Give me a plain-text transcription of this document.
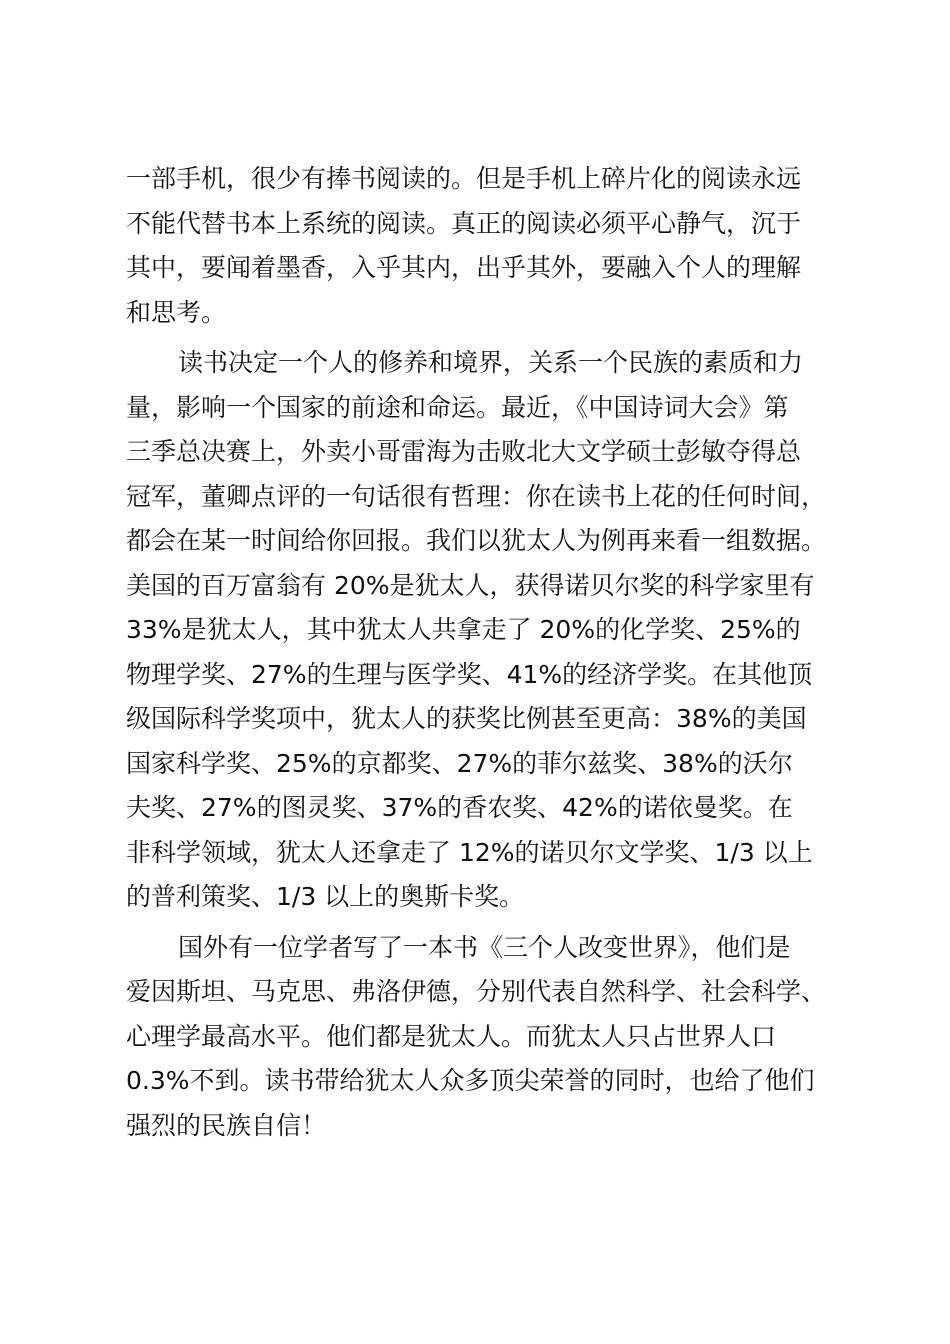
一部手机，很少有捧书阅读的。但是手机上碎片化的阅读永远
不能代替书本上系统的阅读。真正的阅读必须平心静气，沉于
其中，要闻着墨香，入乎其内，出乎其外，要融入个人的理解
和思考。

读书决定一个人的修养和境界，关系一个民族的素质和力
量，影响一个国家的前途和命运。最近，《中国诗词大会》第
三季总决赛上，外卖小哥雷海为击败北大文学硕士彭敏夺得总
冠军，董卿点评的一句话很有哲理：你在读书上花的任何时间，
都会在某一时间给你回报。我们以犹太人为例再来看一组数据。
美国的百万富翁有 20%是犹太人，获得诺贝尔奖的科学家里有
33%是犹太人，其中犹太人共拿走了 20%的化学奖、25%的
物理学奖、27%的生理与医学奖、41%的经济学奖。在其他顶
级国际科学奖项中，犹太人的获奖比例甚至更高：38%的美国
国家科学奖、25%的京都奖、27%的菲尔兹奖、38%的沃尔
夫奖、27%的图灵奖、37%的香农奖、42%的诺依曼奖。在
非科学领域，犹太人还拿走了 12%的诺贝尔文学奖、1/3 以上
的普利策奖、1/3 以上的奥斯卡奖。

国外有一位学者写了一本书《三个人改变世界》，他们是
爱因斯坦、马克思、弗洛伊德，分别代表自然科学、社会科学、
心理学最高水平。他们都是犹太人。而犹太人只占世界人口
0.3%不到。读书带给犹太人众多顶尖荣誉的同时，也给了他们
强烈的民族自信！
